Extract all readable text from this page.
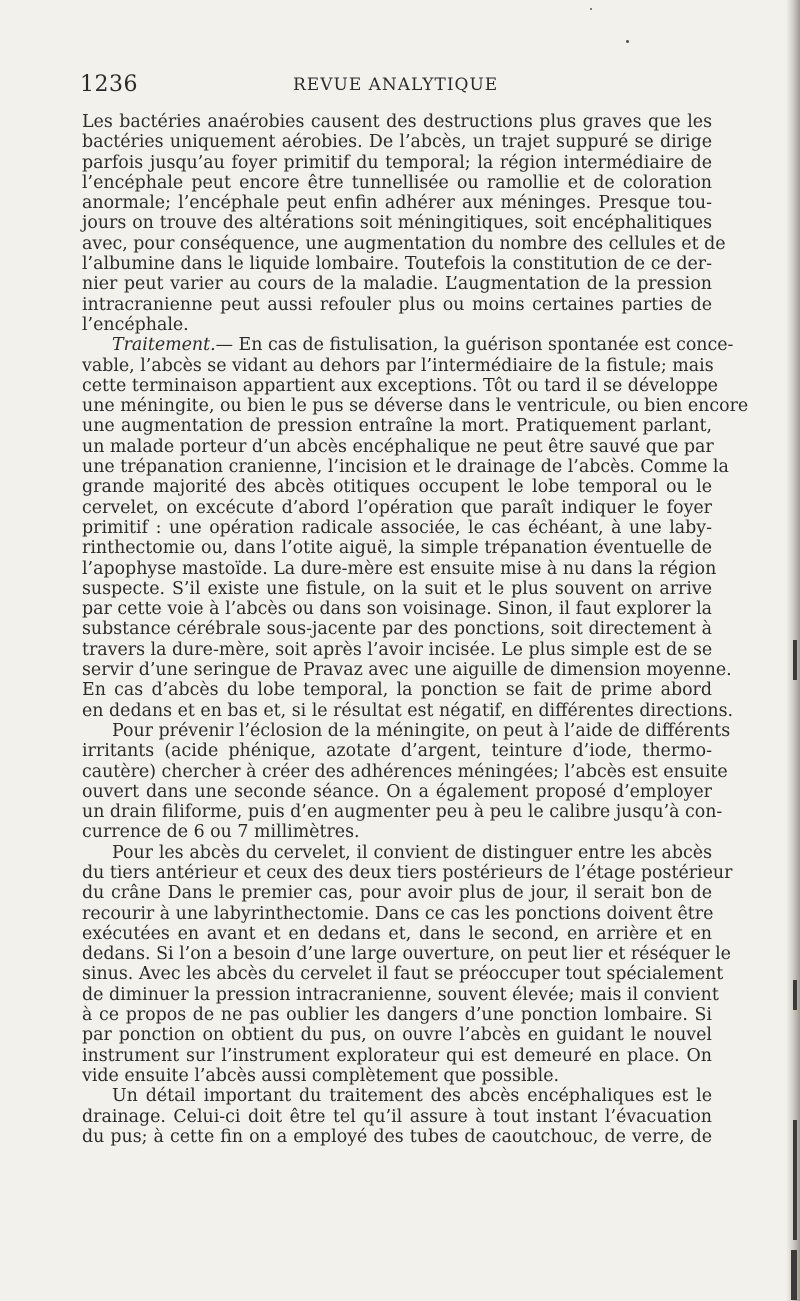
1236	REVUE ANALYTIQUE
Les bactéries anaérobies causent des destructions plus graves que les
bactéries uniquement aérobies. De l’abcès, un trajet suppuré se dirige
parfois jusqu’au foyer primitif du temporal; la région intermédiaire de
l’encéphale peut encore être tunnellisée ou ramollie et de coloration
anormale; l’encéphale peut enfin adhérer aux méninges. Presque tou-
jours on trouve des altérations soit méningitiques, soit encéphalitiques
avec, pour conséquence, une augmentation du nombre des cellules et de
l’albumine dans le liquide lombaire. Toutefois la constitution de ce der-
nier peut varier au cours de la maladie. L’augmentation de la pression
intracranienne peut aussi refouler plus ou moins certaines parties de
l’encéphale.
Traitement.— En cas de fistulisation, la guérison spontanée est conce-
vable, l’abcès se vidant au dehors par l’intermédiaire de la fistule; mais
cette terminaison appartient aux exceptions. Tôt ou tard il se développe
une méningite, ou bien le pus se déverse dans le ventricule, ou bien encore
une augmentation de pression entraîne la mort. Pratiquement parlant,
un malade porteur d’un abcès encéphalique ne peut être sauvé que par
une trépanation cranienne, l’incision et le drainage de l’abcès. Comme la
grande majorité des abcès otitiques occupent le lobe temporal ou le
cervelet, on excécute d’abord l’opération que paraît indiquer le foyer
primitif : une opération radicale associée, le cas échéant, à une laby-
rinthectomie ou, dans l’otite aiguë, la simple trépanation éventuelle de
l’apophyse mastoïde. La dure-mère est ensuite mise à nu dans la région
suspecte. S’il existe une fistule, on la suit et le plus souvent on arrive
par cette voie à l’abcès ou dans son voisinage. Sinon, il faut explorer la
substance cérébrale sous-jacente par des ponctions, soit directement à
travers la dure-mère, soit après l’avoir incisée. Le plus simple est de se
servir d’une seringue de Pravaz avec une aiguille de dimension moyenne.
En cas d’abcès du lobe temporal, la ponction se fait de prime abord
en dedans et en bas et, si le résultat est négatif, en différentes directions.
Pour prévenir l’éclosion de la méningite, on peut à l’aide de différents
irritants (acide phénique, azotate d’argent, teinture d’iode, thermo-
cautère) chercher à créer des adhérences méningées; l’abcès est ensuite
ouvert dans une seconde séance. On a également proposé d’employer
un drain filiforme, puis d’en augmenter peu à peu le calibre jusqu’à con-
currence de 6 ou 7 millimètres.
Pour les abcès du cervelet, il convient de distinguer entre les abcès
du tiers antérieur et ceux des deux tiers postérieurs de l’étage postérieur
du crâne Dans le premier cas, pour avoir plus de jour, il serait bon de
recourir à une labyrinthectomie. Dans ce cas les ponctions doivent être
exécutées en avant et en dedans et, dans le second, en arrière et en
dedans. Si l’on a besoin d’une large ouverture, on peut lier et réséquer le
sinus. Avec les abcès du cervelet il faut se préoccuper tout spécialement
de diminuer la pression intracranienne, souvent élevée; mais il convient
à ce propos de ne pas oublier les dangers d’une ponction lombaire. Si
par ponction on obtient du pus, on ouvre l’abcès en guidant le nouvel
instrument sur l’instrument explorateur qui est demeuré en place. On
vide ensuite l’abcès aussi complètement que possible.
Un détail important du traitement des abcès encéphaliques est le
drainage. Celui-ci doit être tel qu’il assure à tout instant l’évacuation
du pus; à cette fin on a employé des tubes de caoutchouc, de verre, de
